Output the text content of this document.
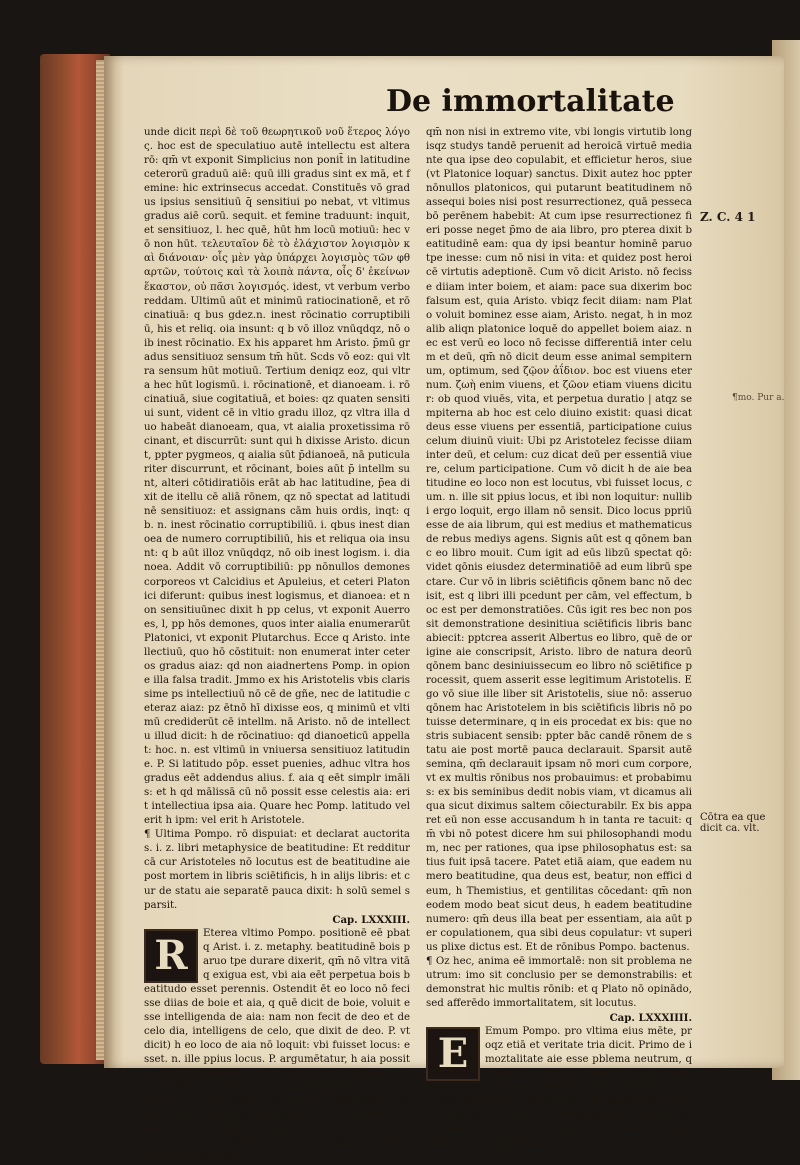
De immortalitate

unde dicit περὶ δὲ τοῦ θεωρητικοῦ νοῦ ἕτερος λόγος. hoc est de speculatiuo autē intellectu est altera rō: qm̄ vt exponit Simplicius non ponit̄ in latitudine ceterorū graduū aiē: quū illi gradus sint ex mā, et femine: hic extrinsecus accedat. Constituēs vō gradus ipsius sensitiuū q̄ sensitiui po nebat, vt vltimus gradus aiē corū. sequit. et femine traduunt: inquit, et sensitiuoz, l. hec quē, hūt hm locū motiuū: hec vō non hūt. τελευταῖον δὲ τὸ ἐλάχιστον λογισμὸν καὶ διάνοιαν· οἷς μὲν γὰρ ὑπάρχει λογισμὸς τῶν φθαρτῶν, τούτοις καὶ τὰ λοιπὰ πάντα, οἷς δ' ἐκείνων ἕκαστον, οὐ πᾶσι λογισμός. idest, vt verbum verbo reddam. Ultimū aūt et minimū ratiocinationē, et rōcinatiuā: q bus gdez.n. inest rōcinatio corruptibiliū, his et reliq. oia insunt: q b vō illoz vnūqdqz, nō oib inest rōcinatio. Ex his apparet hm Aristo. p̄mū gradus sensitiuoz sensum tm̄ hūt. Scds vō eoz: qui vltra sensum hūt motiuū. Tertium deniqz eoz, qui vltra hec hūt logismū. i. rōcinationē, et dianoeam. i. rōcinatiuā, siue cogitatiuā, et boies: qz quaten sensitiui sunt, vident cē in vltio gradu illoz, qz vltra illa duo habeāt dianoeam, qua, vt aialia proxetissima rōcinant, et discurrūt: sunt qui h dixisse Aristo. dicunt, ppter pygmeos, q aialia sūt p̄dianoeā, nā puticulariter discurrunt, et rōcinant, boies aūt p̄ intellm sunt, alteri cōtidiratiōis erāt ab hac latitudine, p̄ea dixit de itellu cē aliā rōnem, qz nō spectat ad latitudinē sensitiuoz: et assignans cām huis ordis, inqt: q b. n. inest rōcinatio corruptibiliū. i. qbus inest dianoea de numero corruptibiliū, his et reliqua oia insunt: q b aūt illoz vnūqdqz, nō oib inest logism. i. dianoea. Addit vō corruptibiliū: pp nōnullos demones corporeos vt Calcidius et Apuleius, et ceteri Platonici diferunt: quibus inest logismus, et dianoea: et non sensitiuūnec dixit h pp celus, vt exponit Auerroes, l, pp hōs demones, quos inter aialia enumerarūt Platonici, vt exponit Plutarchus. Ecce q Aristo. intellectiuū, quo hō cōstituit: non enumerat inter ceteros gradus aiaz: qd non aiadnertens Pomp. in opione illa falsa tradit. Jmmo ex his Aristotelis vbis clarissime ps intellectiuū nō cē de gñe, nec de latitudie ceteraz aiaz: pz ētnō hī dixisse eos, q minimū et vltimū crediderūt cē intellm. nā Aristo. nō de intellectu illud dicit: h de rōcinatiuo: qd dianoeticū appellat: hoc. n. est vltimū in vniuersa sensitiuoz latitudine. P. Si latitudo pōp. esset puenies, adhuc vltra hos gradus eēt addendus alius. f. aia q eēt simplr imālis: et h qd mālissā cū nō possit esse celestis aia: erit intellectiua ipsa aia. Quare hec Pomp. latitudo vel erit h ipm: vel erit h Aristotele.

¶ Ultima Pompo. rō dispuiat: et declarat auctoritas. i. z. libri metaphysice de beatitudine: Et redditur cā cur Aristoteles nō locutus est de beatitudine aie post mortem in libris sciētificis, h in alijs libris: et cur de statu aie separatē pauca dixit: h solū semel sparsit.

Cap. LXXXIII.

R	Eterea vltimo Pompo. positionē eē pbat q Arist. i. z. metaphy. beatitudinē bois paruo tpe durare dixerit, qm̄ nō vltra vitā q exigua est, vbi aia eēt perpetua bois beatitudo esset perennis. Ostendit ēt eo loco nō fecisse diias de boie et aia, q quē dicit de boie, voluit esse intelligenda de aia: nam non fecit de deo et de celo dia, intelligens de celo, que dixit de deo. P. vt dicit) h eo loco de aia nō loquit: vbi fuisset locus: esset. n. ille ppius locus. P. argumētatur, h aia possit ea beatitudie effici beata, qua deus est, efficeret deus. Demum in tanta re, cum nihil dixerit, esset accusandus. Sed h supius hec fuerunt perpulchre declarant: ēt h breuibus repetamus: p̄mo q Aristo. z. li. metaphysice loquit de boie, qui aia cōstat, et corpore, hunc. n. ea beatitudine, qua dy beant, asserit paruo tpe esse beatū

qm̄ non nisi in extremo vite, vbi longis virtutib longisqz studys tandē peruenit ad heroicā virtuē mediante qua ipse deo copulabit, et efficietur heros, siue (vt Platonice loquar) sanctus. Dixit autez hoc ppter nōnullos platonicos, qui putarunt beatitudinem nō assequi boies nisi post resurrectionez, quā pesseca bō perēnem habebit: At cum ipse resurrectionez fieri posse neget p̄mo de aia libro, pro pterea dixit beatitudinē eam: qua dy ipsi beantur hominē paruo tpe inesse: cum nō nisi in vita: et quidez post heroicē virtutis adeptionē. Cum vō dicit Aristo. nō fecisse diiam inter boiem, et aiam: pace sua dixerim boc falsum est, quia Aristo. vbiqz fecit diiam: nam Plato voluit bominez esse aiam, Aristo. negat, h in mozalib aliqn platonice loquē do appellet boiem aiaz. nec est verū eo loco nō fecisse differentiā inter celum et deū, qm̄ nō dicit deum esse animal sempiternum, optimum, sed ζῷον ἀΐδιον. boc est viuens eternum. ζωὴ enim viuens, et ζῶον etiam viuens dicitur: ob quod viuēs, vita, et perpetua duratio | atqz sempiterna ab hoc est celo diuino existit: quasi dicat deus esse viuens per essentiā, participatione cuius celum diuinū viuit: Ubi pz Aristotelez fecisse diiam inter deū, et celum: cuz dicat deū per essentiā viuere, celum participatione. Cum vō dicit h de aie beatitudine eo loco non est locutus, vbi fuisset locus, cum. n. ille sit ppius locus, et ibi non loquitur: nullibi ergo loquit, ergo illam nō sensit. Dico locus ppriū esse de aia librum, qui est medius et mathematicus de rebus mediys agens. Signis aūt est q qōnem banc eo libro mouit. Cum igit ad eūs libzū spectat qō: videt qōnis eiusdez determinatiōē ad eum librū spectare. Cur vō in libris sciētificis qōnem banc nō decisit, est q libri illi pcedunt per cām, vel effectum, boc est per demonstratiōes. Cūs igit res bec non possit demonstratione desinitiua sciētificis libris banc abiecit: pptcrea asserit Albertus eo libro, quē de origine aie conscripsit, Aristo. libro de natura deorū qōnem banc desiniuissecum eo libro nō sciētifice processit, quem asserit esse legitimum Aristotelis. Ego vō siue ille liber sit Aristotelis, siue nō: asseruo qōnem hac Aristotelem in bis sciētificis libris nō potuisse determinare, q in eis procedat ex bis: que nostris subiacent sensib: ppter bāc candē rōnem de statu aie post mortē pauca declarauit. Sparsit autē semina, qm̄ declarauit ipsam nō mori cum corpore, vt ex multis rōnibus nos probauimus: et probabimus: ex bis seminibus dedit nobis viam, vt dicamus aliqua sicut diximus saltem cōiecturabilr. Ex bis apparet eū non esse accusandum h in tanta re tacuit: qm̄ vbi nō potest dicere hm sui philosophandi modum, nec per rationes, qua ipse philosophatus est: satius fuit ipsā tacere. Patet etiā aiam, que eadem numero beatitudine, qua deus est, beatur, non effici deum, h Themistius, et gentilitas cōcedant: qm̄ non eodem modo beat sicut deus, h eadem beatitudine numero: qm̄ deus illa beat per essentiam, aia aūt per copulationem, qua sibi deus copulatur: vt superius plixe dictus est. Et de rōnibus Pompo. bactenus.

¶ Oz hec, anima eē immortalē: non sit problema neutrum: imo sit conclusio per se demonstrabilis: et demonstrat hic multis rōnib: et q Plato nō opinādo, sed afferēdo immortalitatem, sit locutus.

Cap. LXXXIIII.

E	Emum Pompo. pro vltima eius mēte, proqz etiā et veritate tria dicit. Primo de imoztalitate aie esse pblema neutrum, q vtraqz ex pte sint dialecticę rōnes. Scdo dicit de imoztalitate aie esse articulum fidei: ideo nō esse p̄obandum asserit, nisi per media credita: que fidei ppria sunt: alioquin nō pcederet nisi per extranea: et nō p ppria arti: qui illam probaret. Tertio dicit q h Plato tanta de

Z. C. 4 1
¶mo. Pur a.
Cōtra ea que dicit ca. vlt.
